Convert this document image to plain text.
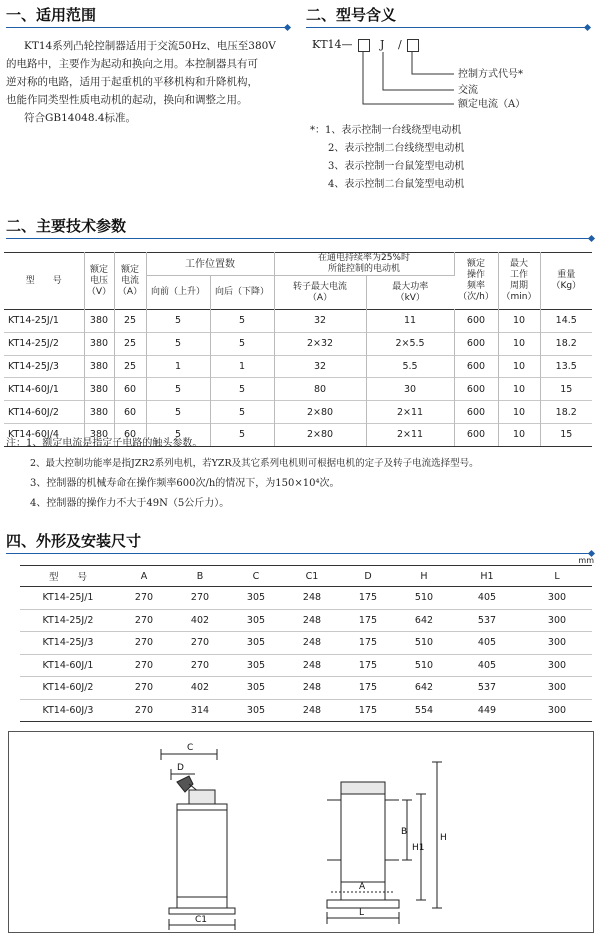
一、适用范围
KT14系列凸轮控制器适用于交流50Hz、电压至380V
的电路中，主要作为起动和换向之用。本控制器具有可
逆对称的电路，适用于起重机的平移机构和升降机构，
也能作同类型性质电动机的起动，换向和调整之用。
符合GB14048.4标准。
二、型号含义
KT14— J /
控制方式代号*
交流
额定电流（A）
*：1、表示控制一台线绕型电动机
2、表示控制二台线绕型电动机
3、表示控制一台鼠笼型电动机
4、表示控制二台鼠笼型电动机
二、主要技术参数
型　　号	额定
电压
（V）	额定
电流
（A）	工作位置数		在通电持续率为25%时
所能控制的电动机		额定
操作
频率
（次/h）	最大
工作
周期
（min）	重量
（Kg）
			向前（上升）	向后（下降）	转子最大电流
（A）	最大功率
（kV）			
KT14-25J/1	380	25	5	5	32	11	600	10	14.5
KT14-25J/2	380	25	5	5	2×32	2×5.5	600	10	18.2
KT14-25J/3	380	25	1	1	32	5.5	600	10	13.5
KT14-60J/1	380	60	5	5	80	30	600	10	15
KT14-60J/2	380	60	5	5	2×80	2×11	600	10	18.2
KT14-60J/4	380	60	5	5	2×80	2×11	600	10	15
注：1、额定电流是指定子电路的触头参数。
2、最大控制功能率是指JZR2系列电机，若YZR及其它系列电机则可根据电机的定子及转子电流选择型号。
3、控制器的机械寿命在操作频率600次/h的情况下，为150×10⁴次。
4、控制器的操作力不大于49N（5公斤力）。
四、外形及安装尺寸
mm
型　　号	A	B	C	C1	D	H	H1	L
KT14-25J/1	270	270	305	248	175	510	405	300
KT14-25J/2	270	402	305	248	175	642	537	300
KT14-25J/3	270	270	305	248	175	510	405	300
KT14-60J/1	270	270	305	248	175	510	405	300
KT14-60J/2	270	402	305	248	175	642	537	300
KT14-60J/3	270	314	305	248	175	554	449	300
C
D
C1
A
L
B
H1
H
